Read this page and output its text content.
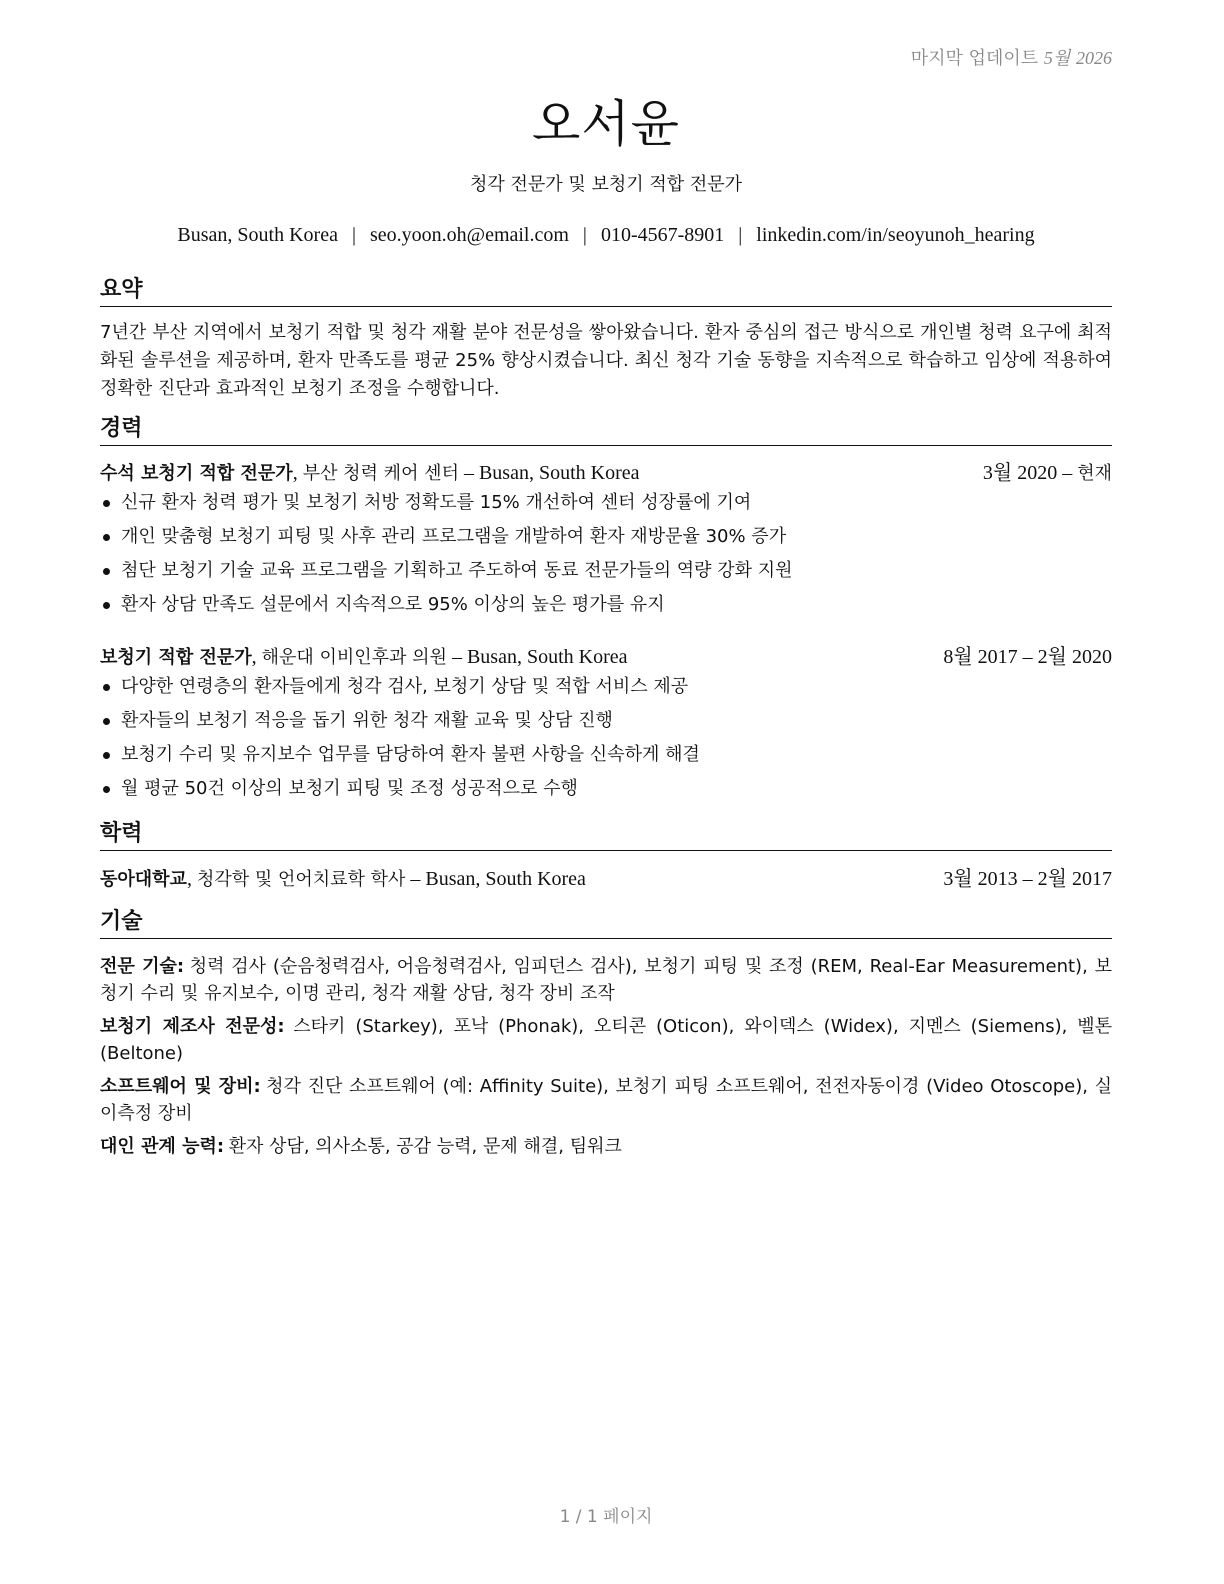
마지막 업데이트 5월 2026
오서윤
청각 전문가 및 보청기 적합 전문가
Busan, South Korea | seo.yoon.oh@email.com | 010-4567-8901 | linkedin.com/in/seoyunoh_hearing
요약
7년간 부산 지역에서 보청기 적합 및 청각 재활 분야 전문성을 쌓아왔습니다. 환자 중심의 접근 방식으로 개인별 청력 요구에 최적화된 솔루션을 제공하며, 환자 만족도를 평균 25% 향상시켰습니다. 최신 청각 기술 동향을 지속적으로 학습하고 임상에 적용하여 정확한 진단과 효과적인 보청기 조정을 수행합니다.
경력
수석 보청기 적합 전문가, 부산 청력 케어 센터 – Busan, South Korea	3월 2020 – 현재
신규 환자 청력 평가 및 보청기 처방 정확도를 15% 개선하여 센터 성장률에 기여
개인 맞춤형 보청기 피팅 및 사후 관리 프로그램을 개발하여 환자 재방문율 30% 증가
첨단 보청기 기술 교육 프로그램을 기획하고 주도하여 동료 전문가들의 역량 강화 지원
환자 상담 만족도 설문에서 지속적으로 95% 이상의 높은 평가를 유지
보청기 적합 전문가, 해운대 이비인후과 의원 – Busan, South Korea	8월 2017 – 2월 2020
다양한 연령층의 환자들에게 청각 검사, 보청기 상담 및 적합 서비스 제공
환자들의 보청기 적응을 돕기 위한 청각 재활 교육 및 상담 진행
보청기 수리 및 유지보수 업무를 담당하여 환자 불편 사항을 신속하게 해결
월 평균 50건 이상의 보청기 피팅 및 조정 성공적으로 수행
학력
동아대학교, 청각학 및 언어치료학 학사 – Busan, South Korea	3월 2013 – 2월 2017
기술
전문 기술: 청력 검사 (순음청력검사, 어음청력검사, 임피던스 검사), 보청기 피팅 및 조정 (REM, Real-Ear Measurement), 보청기 수리 및 유지보수, 이명 관리, 청각 재활 상담, 청각 장비 조작
보청기 제조사 전문성: 스타키 (Starkey), 포낙 (Phonak), 오티콘 (Oticon), 와이덱스 (Widex), 지멘스 (Siemens), 벨톤 (Beltone)
소프트웨어 및 장비: 청각 진단 소프트웨어 (예: Affinity Suite), 보청기 피팅 소프트웨어, 전전자동이경 (Video Otoscope), 실이측정 장비
대인 관계 능력: 환자 상담, 의사소통, 공감 능력, 문제 해결, 팀워크
1 / 1 페이지
